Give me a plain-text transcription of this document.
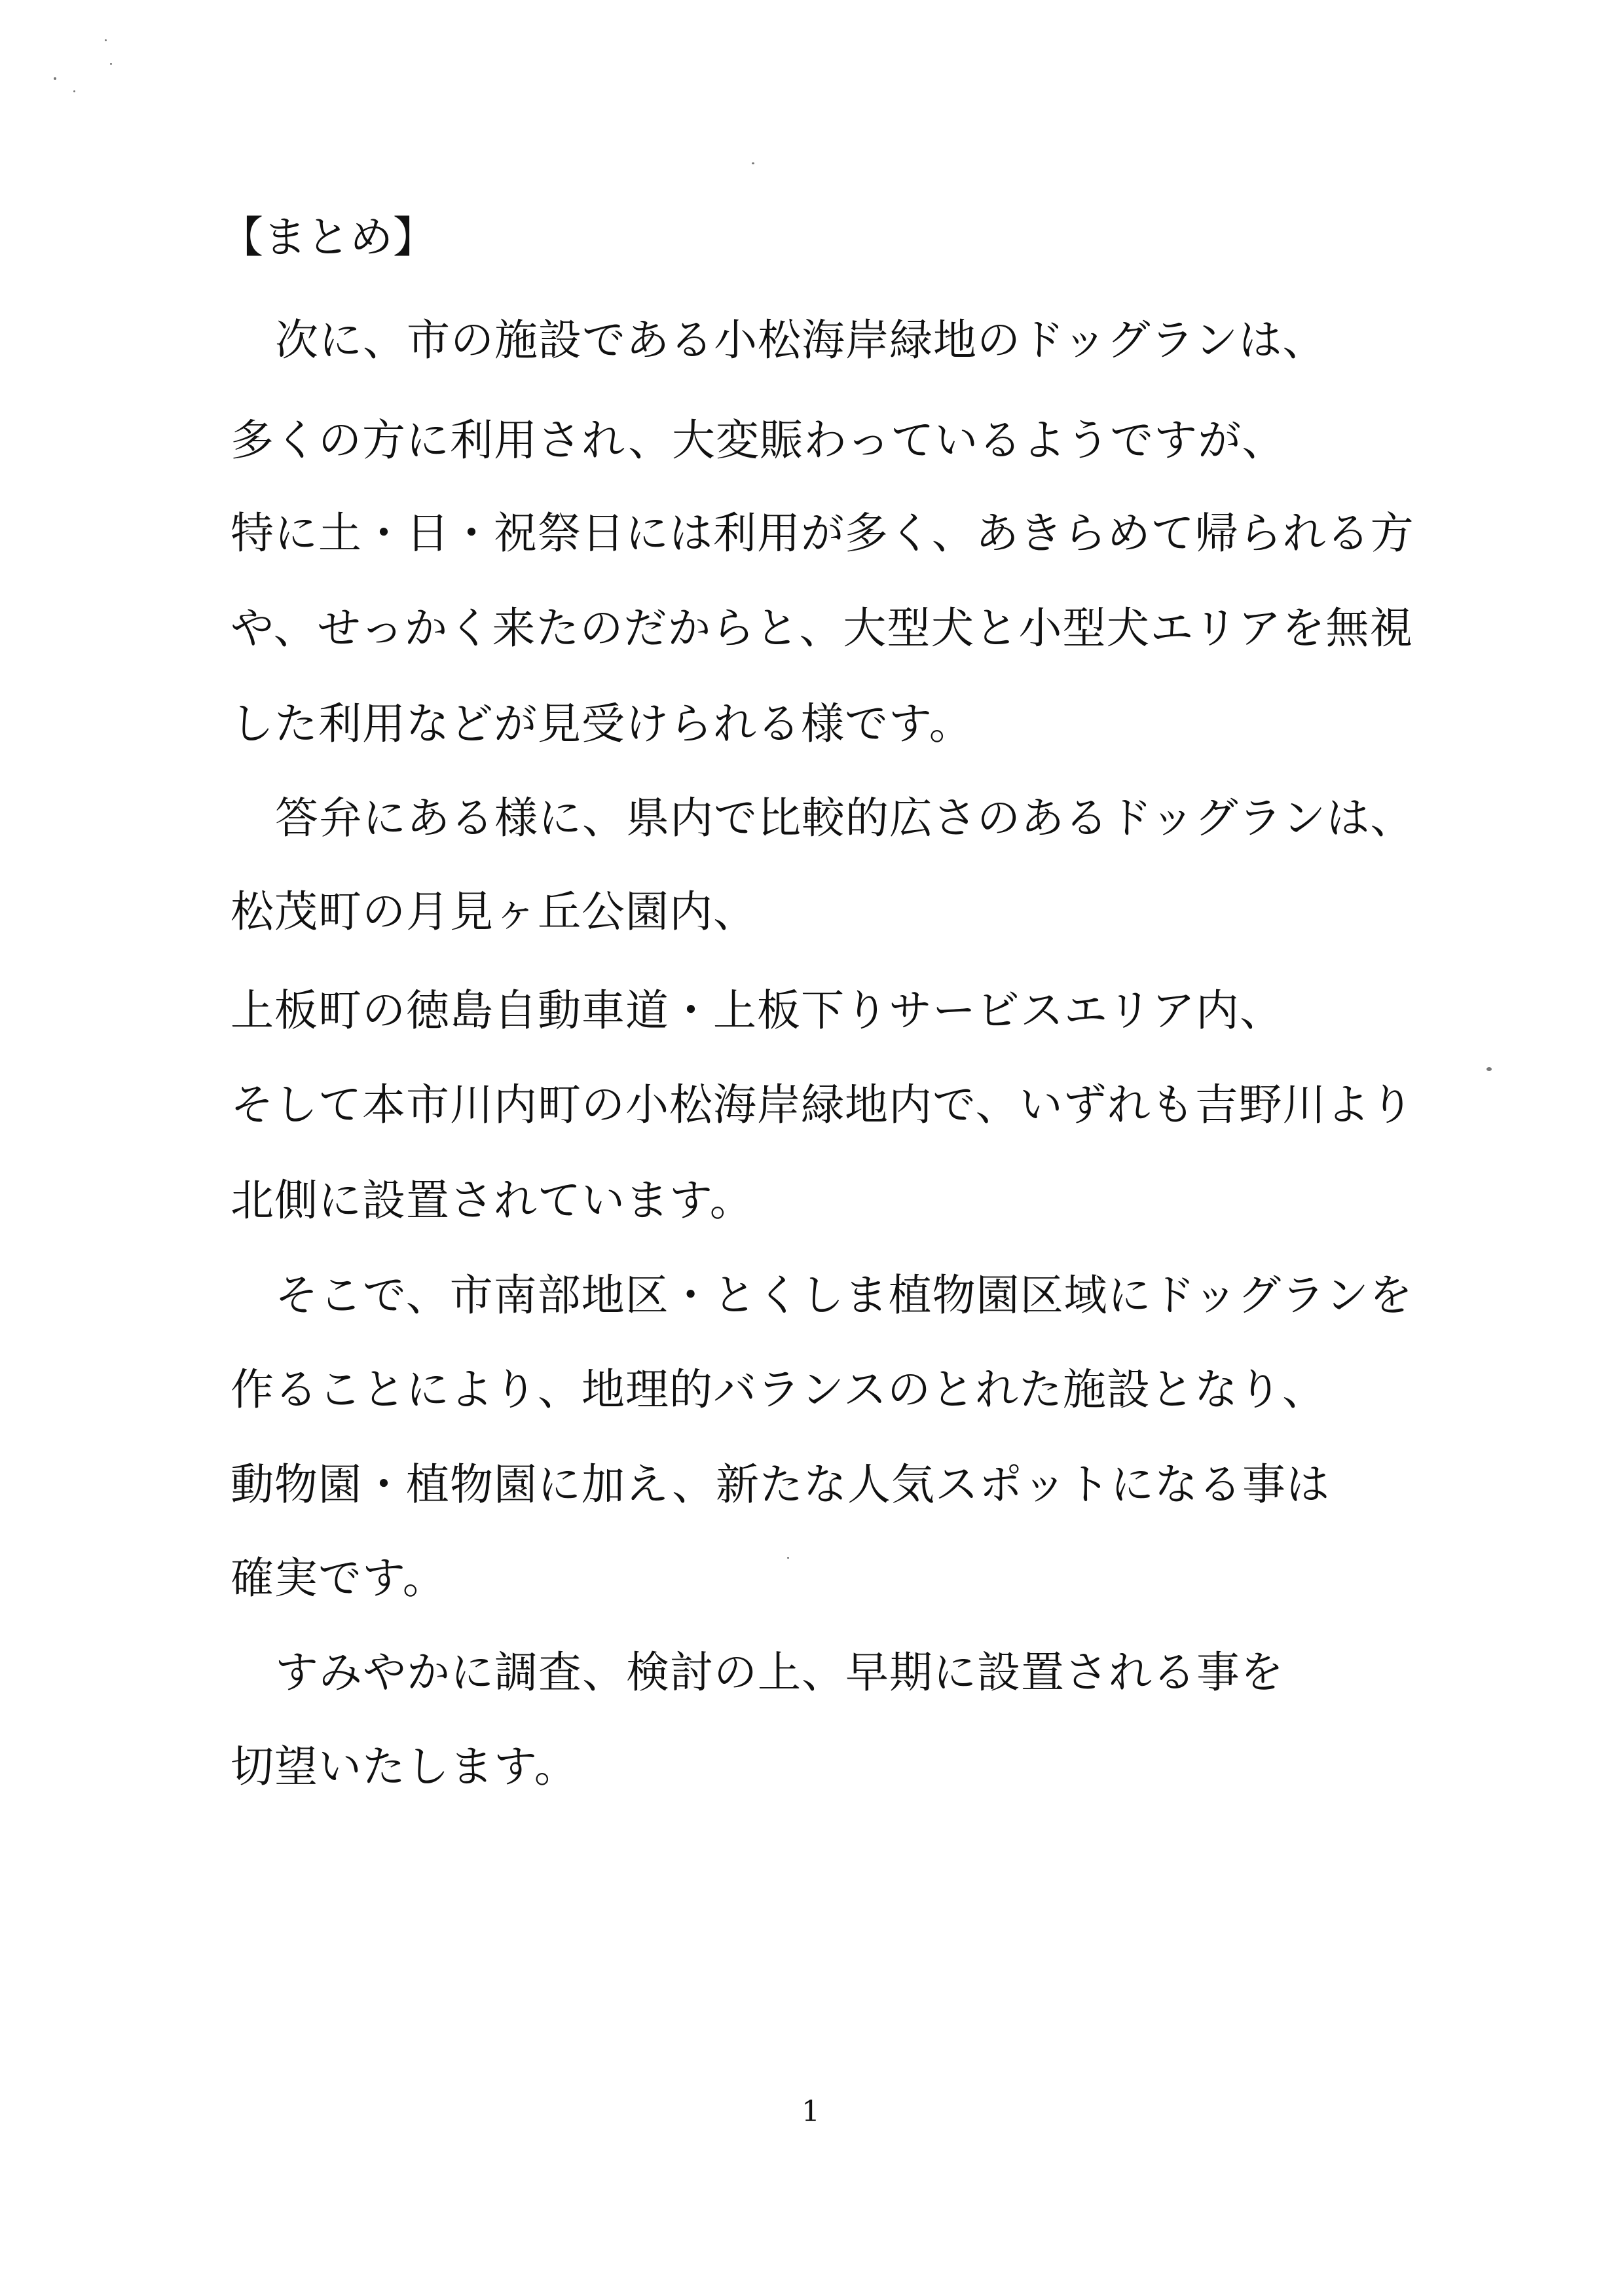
【まとめ】
次に、市の施設である小松海岸緑地のドッグランは、
多くの方に利用され、大変賑わっているようですが、
特に土・日・祝祭日には利用が多く、あきらめて帰られる方
や、せっかく来たのだからと、大型犬と小型犬エリアを無視
した利用などが見受けられる様です。
答弁にある様に、県内で比較的広さのあるドッグランは、
松茂町の月見ヶ丘公園内、
上板町の徳島自動車道・上板下りサービスエリア内、
そして本市川内町の小松海岸緑地内で、いずれも吉野川より
北側に設置されています。
そこで、市南部地区・とくしま植物園区域にドッグランを
作ることにより、地理的バランスのとれた施設となり、
動物園・植物園に加え、新たな人気スポットになる事は
確実です。
すみやかに調査、検討の上、早期に設置される事を
切望いたします。
1
